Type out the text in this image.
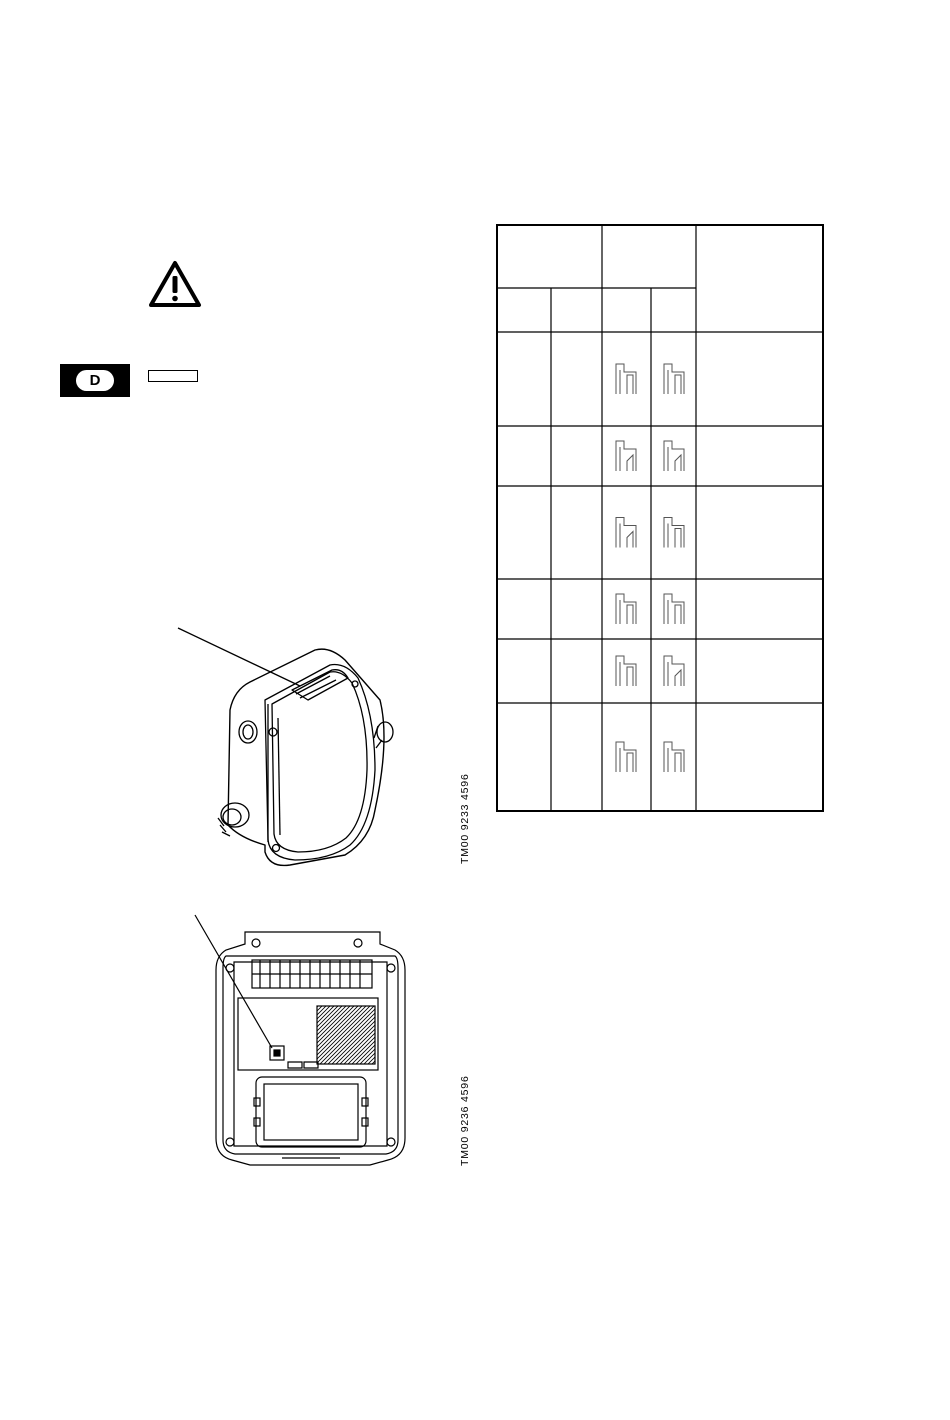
D
TM00 9233 4596
TM00 9236 4596
